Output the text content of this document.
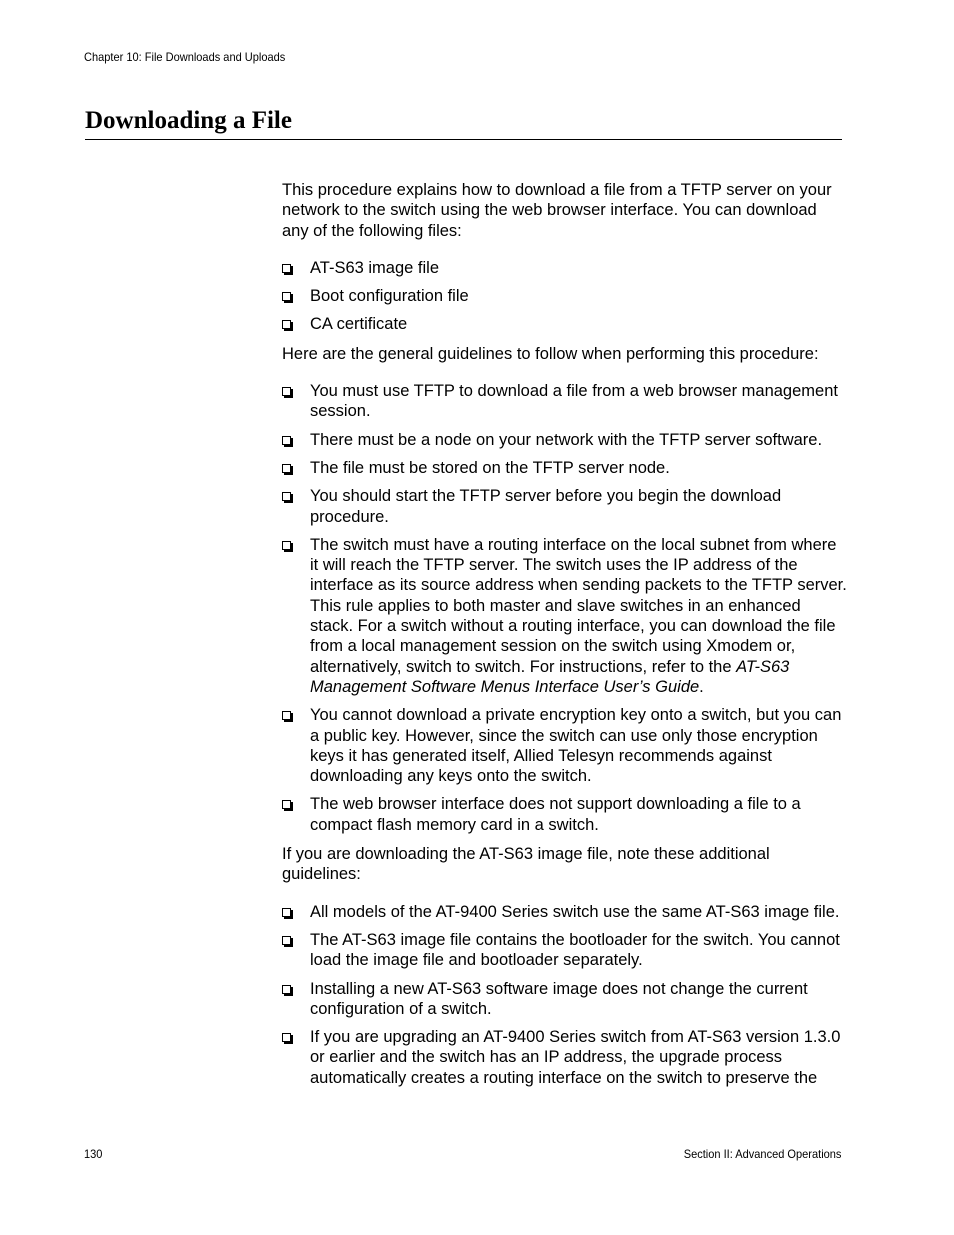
Chapter 10: File Downloads and Uploads
Downloading a File

This procedure explains how to download a file from a TFTP server on your network to the switch using the web browser interface. You can download any of the following files:

AT-S63 image file
Boot configuration file
CA certificate

Here are the general guidelines to follow when performing this procedure:

You must use TFTP to download a file from a web browser management session.
There must be a node on your network with the TFTP server software.
The file must be stored on the TFTP server node.
You should start the TFTP server before you begin the download procedure.
The switch must have a routing interface on the local subnet from where it will reach the TFTP server. The switch uses the IP address of the interface as its source address when sending packets to the TFTP server. This rule applies to both master and slave switches in an enhanced stack. For a switch without a routing interface, you can download the file from a local management session on the switch using Xmodem or, alternatively, switch to switch. For instructions, refer to the AT-S63 Management Software Menus Interface User’s Guide.
You cannot download a private encryption key onto a switch, but you can a public key. However, since the switch can use only those encryption keys it has generated itself, Allied Telesyn recommends against downloading any keys onto the switch.
The web browser interface does not support downloading a file to a compact flash memory card in a switch.

If you are downloading the AT-S63 image file, note these additional guidelines:

All models of the AT-9400 Series switch use the same AT-S63 image file.
The AT-S63 image file contains the bootloader for the switch. You cannot load the image file and bootloader separately.
Installing a new AT-S63 software image does not change the current configuration of a switch.
If you are upgrading an AT-9400 Series switch from AT-S63 version 1.3.0 or earlier and the switch has an IP address, the upgrade process automatically creates a routing interface on the switch to preserve the
130	Section II: Advanced Operations
